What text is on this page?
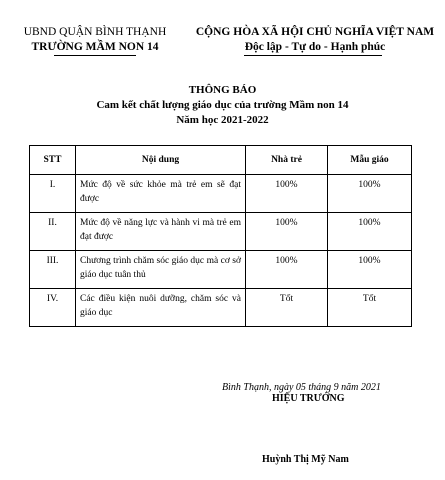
UBND QUẬN BÌNH THẠNH
TRƯỜNG MẦM NON 14
CỘNG HÒA XÃ HỘI CHỦ NGHĨA VIỆT NAM
Độc lập - Tự do - Hạnh phúc
THÔNG BÁO
Cam kết chất lượng giáo dục của trường Mầm non 14
Năm học 2021-2022
STT	Nội dung	Nhà trẻ	Mẫu giáo
I.	Mức độ về sức khỏe mà trẻ em sẽ đạt được	100%	100%
II.	Mức độ về năng lực và hành vi mà trẻ em đạt được	100%	100%
III.	Chương trình chăm sóc giáo dục mà cơ sở giáo dục tuân thủ	100%	100%
IV.	Các điều kiện nuôi dưỡng, chăm sóc và giáo dục	Tốt	Tốt
Bình Thạnh, ngày 05 tháng 9 năm 2021
HIỆU TRƯỞNG
Huỳnh Thị Mỹ Nam
